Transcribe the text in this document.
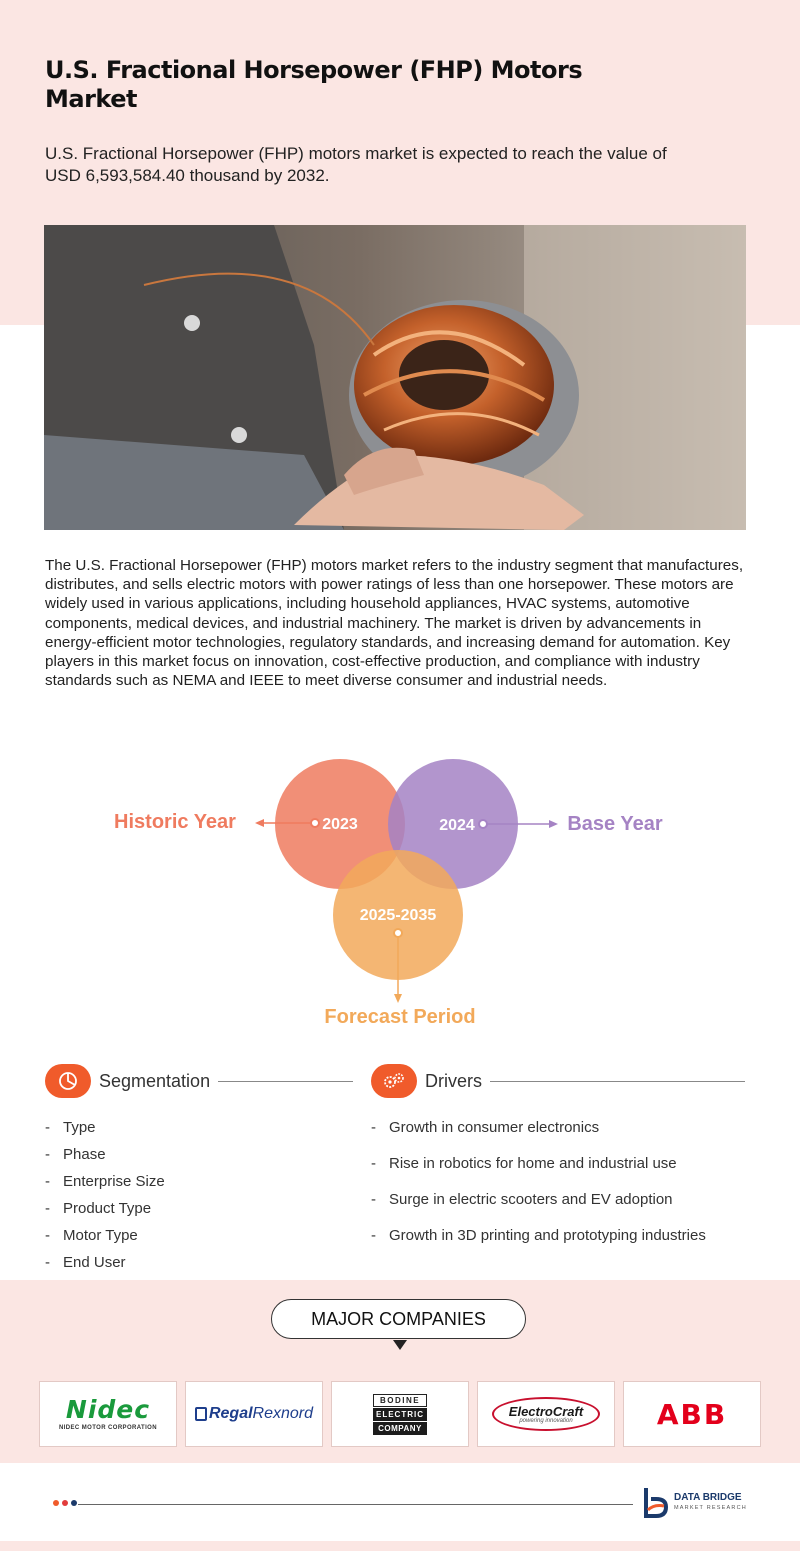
U.S. Fractional Horsepower (FHP) Motors Market

U.S. Fractional Horsepower (FHP) motors market is expected to reach the value of USD 6,593,584.40 thousand by 2032.

The U.S. Fractional Horsepower (FHP) motors market refers to the industry segment that manufactures, distributes, and sells electric motors with power ratings of less than one horsepower. These motors are widely used in various applications, including household appliances, HVAC systems, automotive components, medical devices, and industrial machinery. The market is driven by advancements in energy-efficient motor technologies, regulatory standards, and increasing demand for automation. Key players in this market focus on innovation, cost-effective production, and compliance with industry standards such as NEMA and IEEE to meet diverse consumer and industrial needs.

2023	2024
2025-2035
Historic Year	Base Year
Forecast Period
Segmentation
- Type
- Phase
- Enterprise Size
- Product Type
- Motor Type
- End User
Drivers
- Growth in consumer electronics
- Rise in robotics for home and industrial use
- Surge in electric scooters and EV adoption
- Growth in 3D printing and prototyping industries
MAJOR COMPANIES
Nidec
NIDEC MOTOR CORPORATION
Regal Rexnord
BODINE
ELECTRIC
COMPANY
ElectroCraft
powering innovation	ABB
DATA BRIDGE
MARKET RESEARCH
